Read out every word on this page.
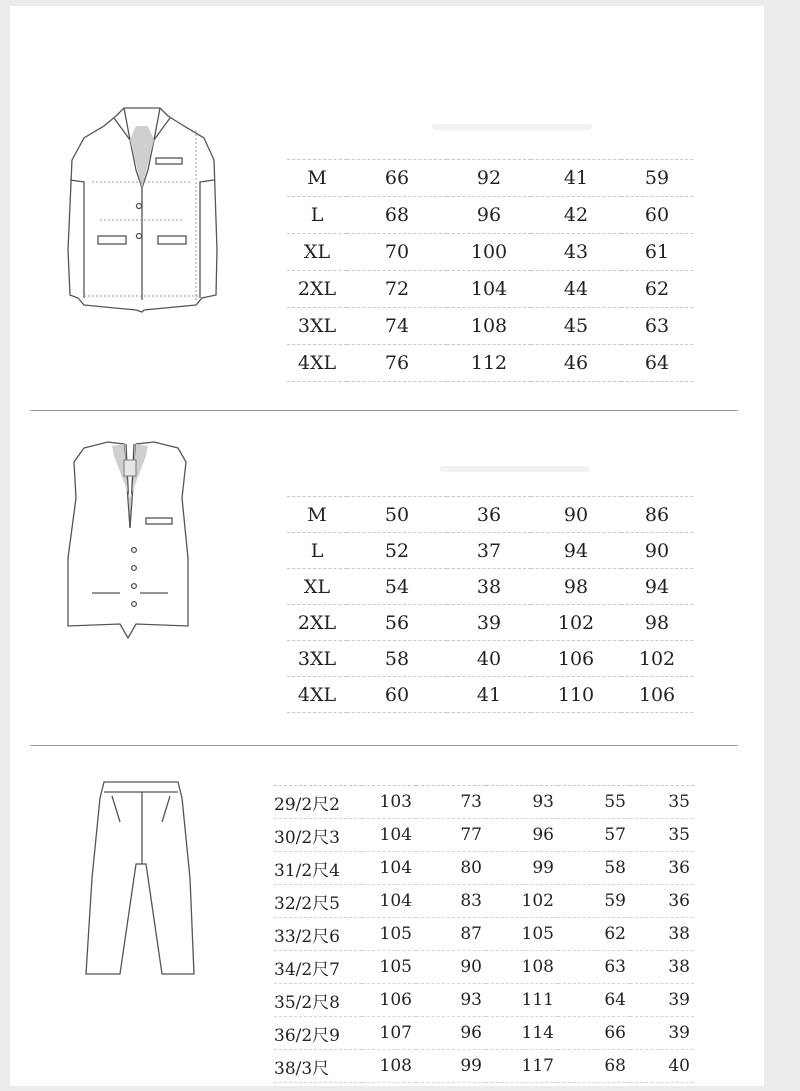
M	66	92	41	59
L	68	96	42	60
XL	70	100	43	61
2XL	72	104	44	62
3XL	74	108	45	63
4XL	76	112	46	64
M	50	36	90	86
L	52	37	94	90
XL	54	38	98	94
2XL	56	39	102	98
3XL	58	40	106	102
4XL	60	41	110	106
29/2尺2	103	73	93	55	35
30/2尺3	104	77	96	57	35
31/2尺4	104	80	99	58	36
32/2尺5	104	83	102	59	36
33/2尺6	105	87	105	62	38
34/2尺7	105	90	108	63	38
35/2尺8	106	93	111	64	39
36/2尺9	107	96	114	66	39
38/3尺	108	99	117	68	40
